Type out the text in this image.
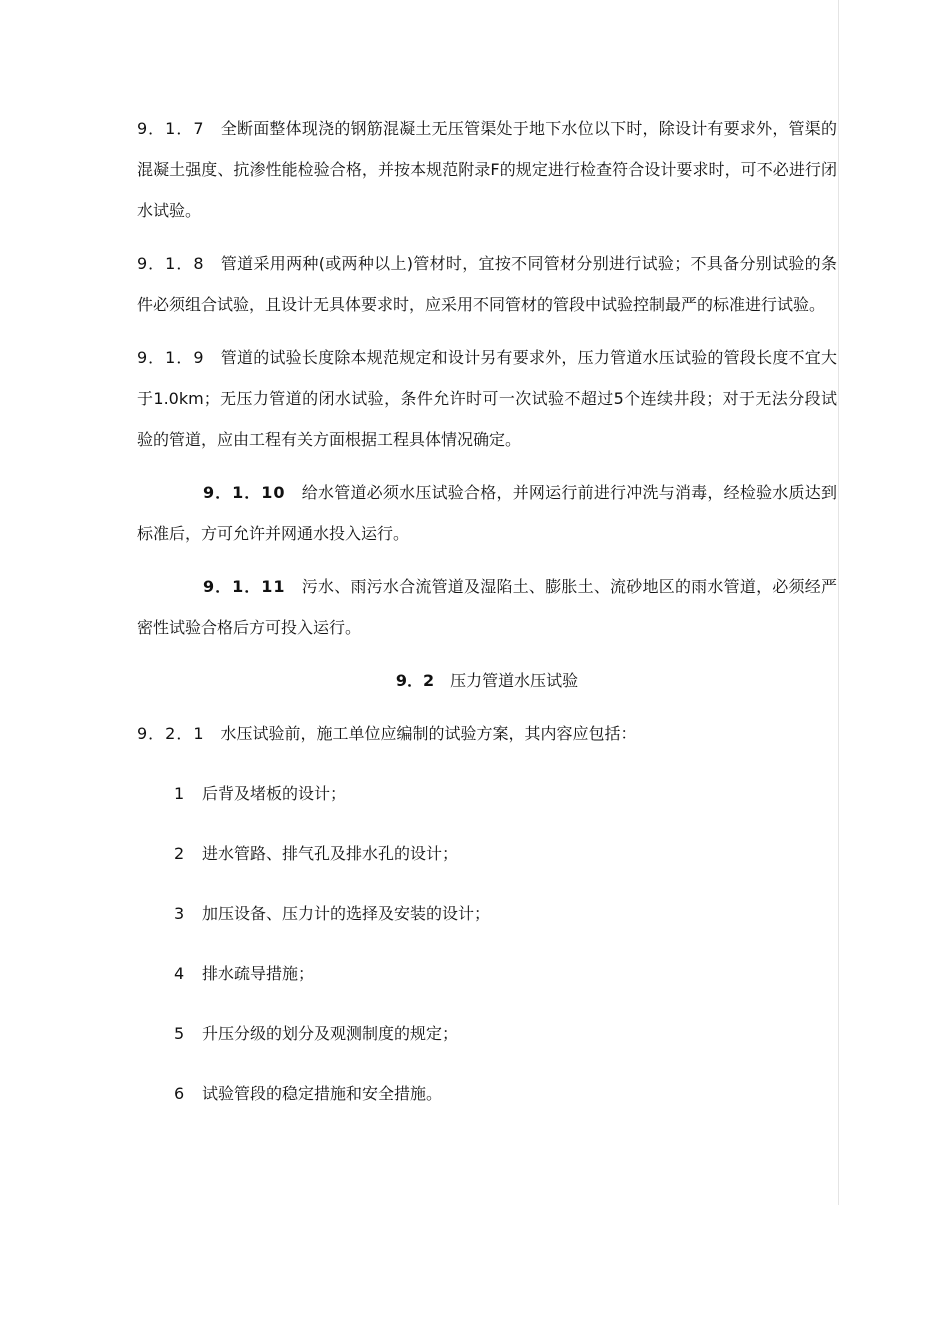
9．1．7 全断面整体现浇的钢筋混凝土无压管渠处于地下水位以下时，除设计有要求外，管渠的混凝土强度、抗渗性能检验合格，并按本规范附录F的规定进行检查符合设计要求时，可不必进行闭水试验。

9．1．8 管道采用两种(或两种以上)管材时，宜按不同管材分别进行试验；不具备分别试验的条件必须组合试验，且设计无具体要求时，应采用不同管材的管段中试验控制最严的标准进行试验。

9．1．9 管道的试验长度除本规范规定和设计另有要求外，压力管道水压试验的管段长度不宜大于1.0km；无压力管道的闭水试验，条件允许时可一次试验不超过5个连续井段；对于无法分段试验的管道，应由工程有关方面根据工程具体情况确定。

9．1．10 给水管道必须水压试验合格，并网运行前进行冲洗与消毒，经检验水质达到标准后，方可允许并网通水投入运行。

9．1．11 污水、雨污水合流管道及湿陷土、膨胀土、流砂地区的雨水管道，必须经严密性试验合格后方可投入运行。

9．2 压力管道水压试验

9．2．1 水压试验前，施工单位应编制的试验方案，其内容应包括：

1 后背及堵板的设计；

2 进水管路、排气孔及排水孔的设计；

3 加压设备、压力计的选择及安装的设计；

4 排水疏导措施；

5 升压分级的划分及观测制度的规定；

6 试验管段的稳定措施和安全措施。
